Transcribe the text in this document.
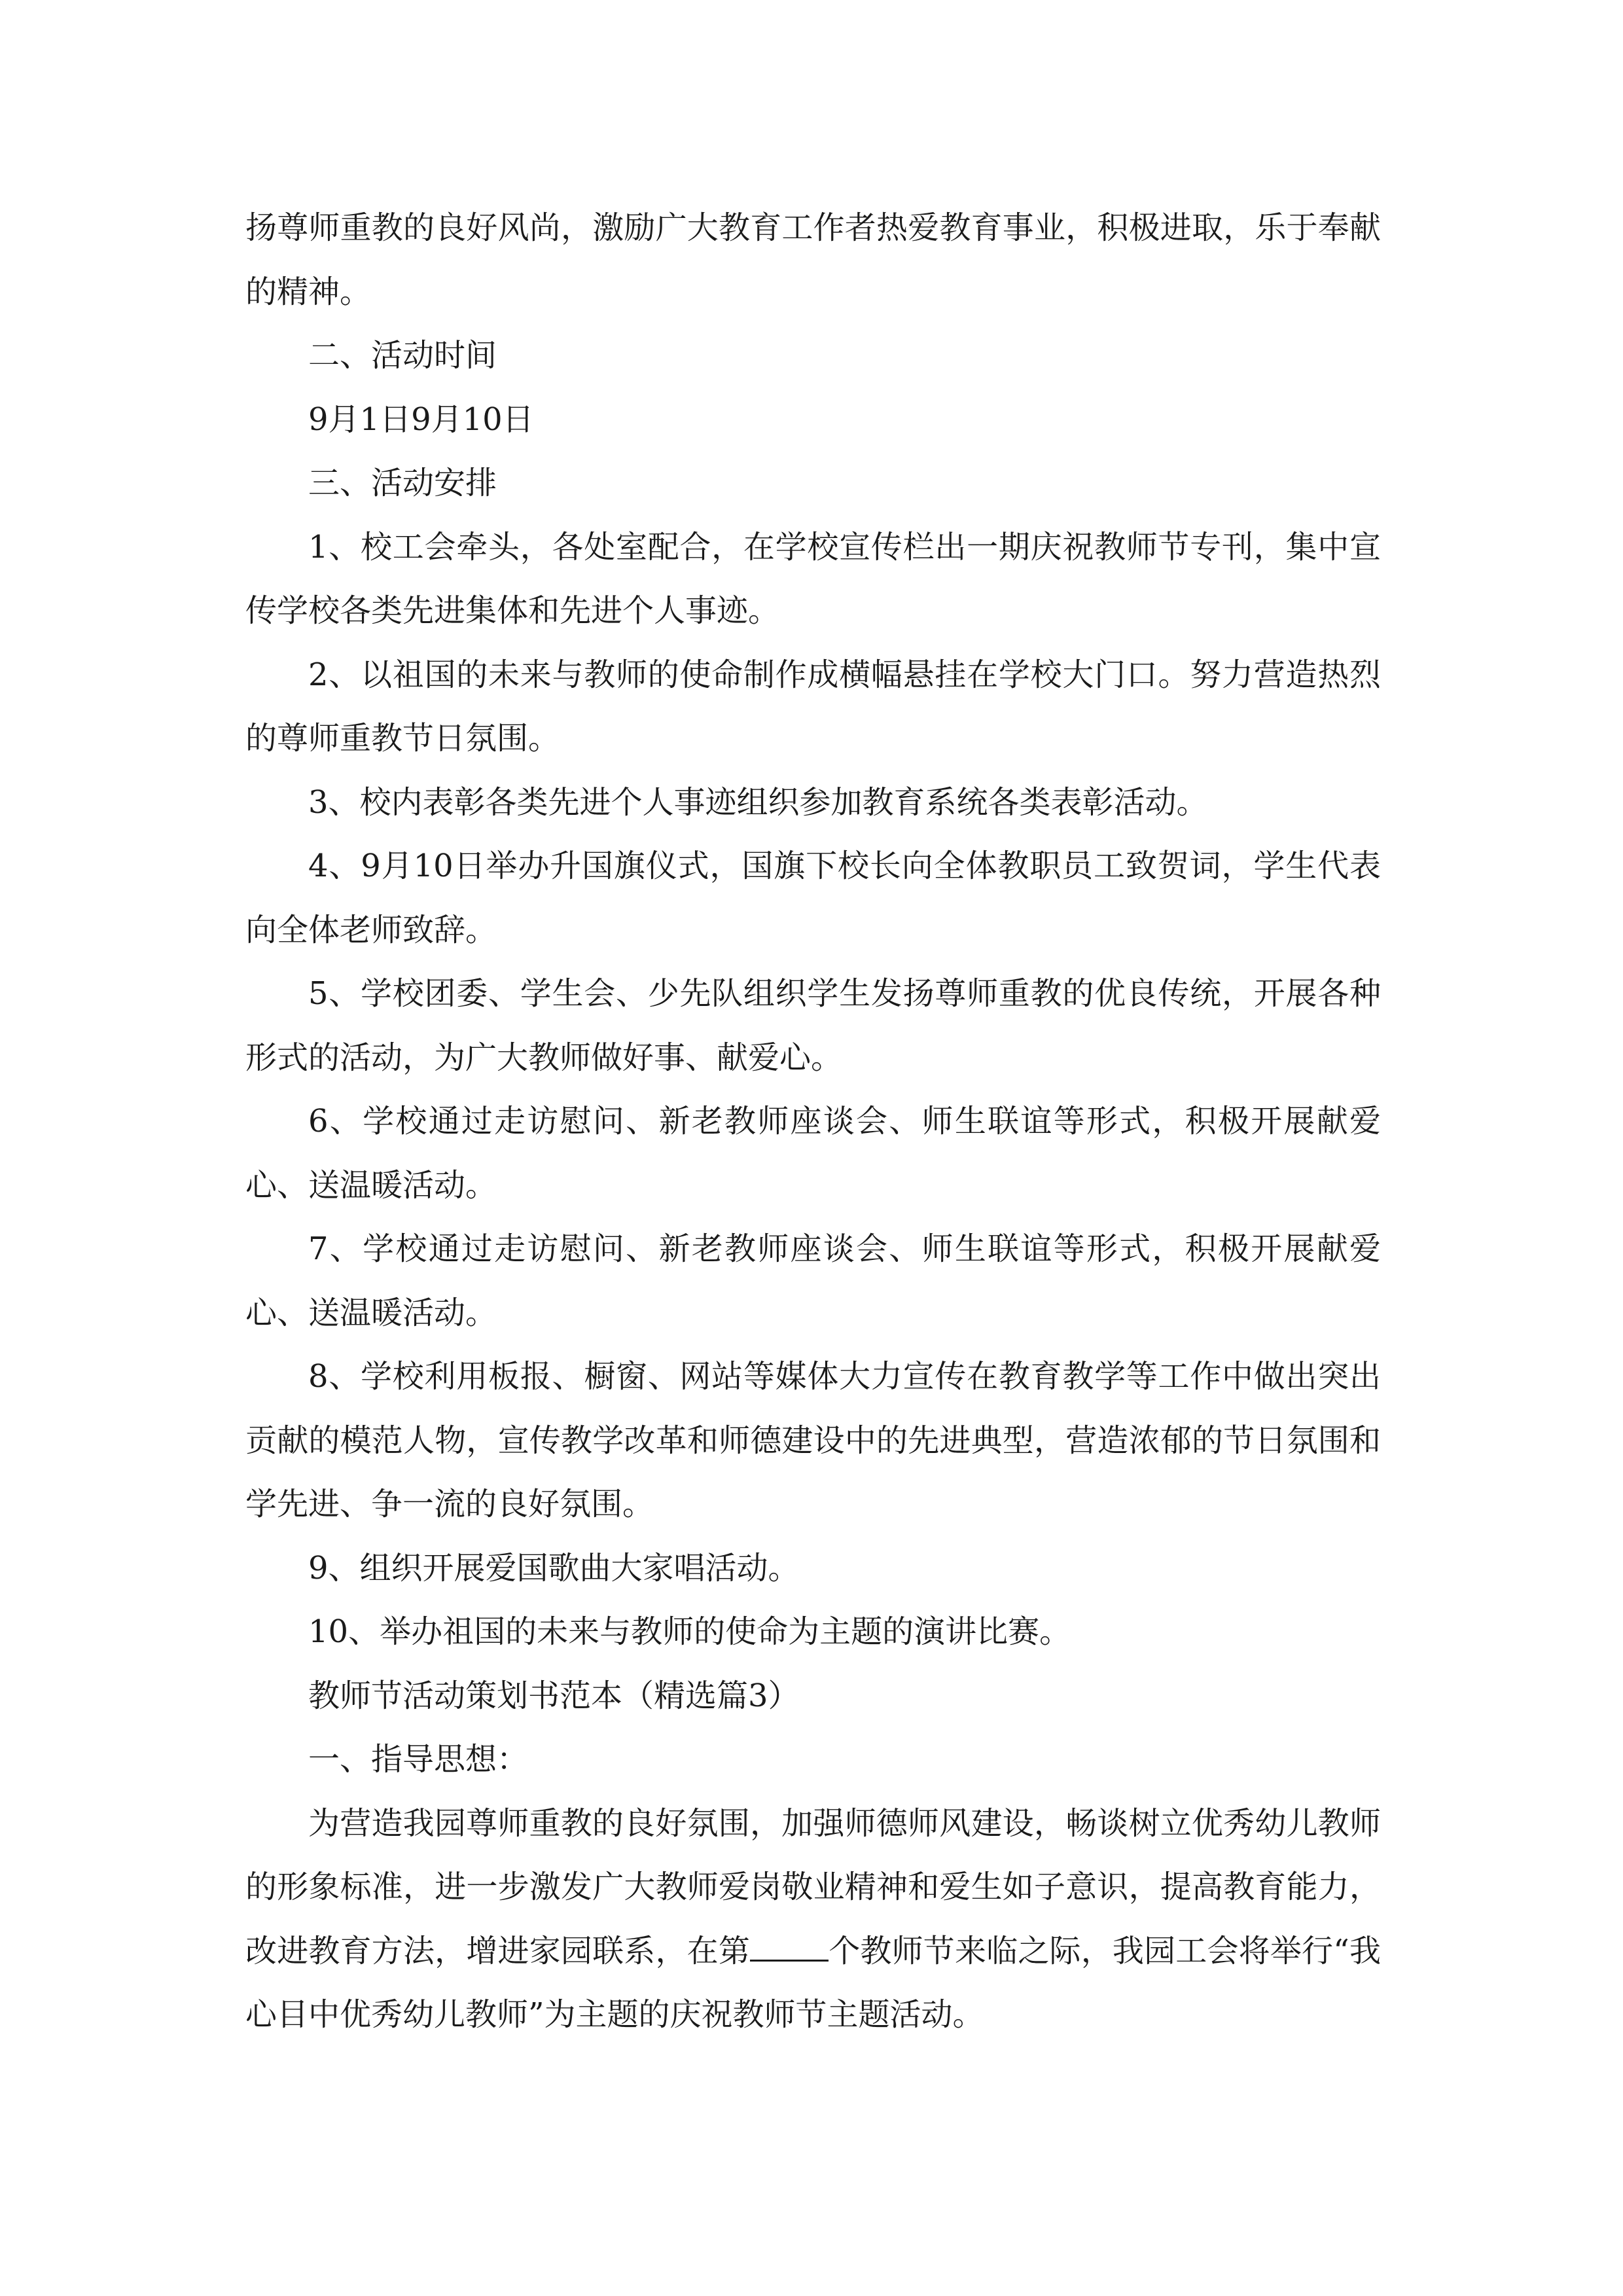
扬尊师重教的良好风尚，激励广大教育工作者热爱教育事业，积极进取，乐于奉献的精神。

二、活动时间

9月1日9月10日

三、活动安排

1、校工会牵头，各处室配合，在学校宣传栏出一期庆祝教师节专刊，集中宣传学校各类先进集体和先进个人事迹。

2、以祖国的未来与教师的使命制作成横幅悬挂在学校大门口。努力营造热烈的尊师重教节日氛围。

3、校内表彰各类先进个人事迹组织参加教育系统各类表彰活动。

4、9月10日举办升国旗仪式，国旗下校长向全体教职员工致贺词，学生代表向全体老师致辞。

5、学校团委、学生会、少先队组织学生发扬尊师重教的优良传统，开展各种形式的活动，为广大教师做好事、献爱心。

6、学校通过走访慰问、新老教师座谈会、师生联谊等形式，积极开展献爱心、送温暖活动。

7、学校通过走访慰问、新老教师座谈会、师生联谊等形式，积极开展献爱心、送温暖活动。

8、学校利用板报、橱窗、网站等媒体大力宣传在教育教学等工作中做出突出贡献的模范人物，宣传教学改革和师德建设中的先进典型，营造浓郁的节日氛围和学先进、争一流的良好氛围。

9、组织开展爱国歌曲大家唱活动。

10、举办祖国的未来与教师的使命为主题的演讲比赛。

教师节活动策划书范本（精选篇3）

一、指导思想：

为营造我园尊师重教的良好氛围，加强师德师风建设，畅谈树立优秀幼儿教师的形象标准，进一步激发广大教师爱岗敬业精神和爱生如子意识，提高教育能力，改进教育方法，增进家园联系，在第	个教师节来临之际，我园工会将举行“我心目中优秀幼儿教师”为主题的庆祝教师节主题活动。
